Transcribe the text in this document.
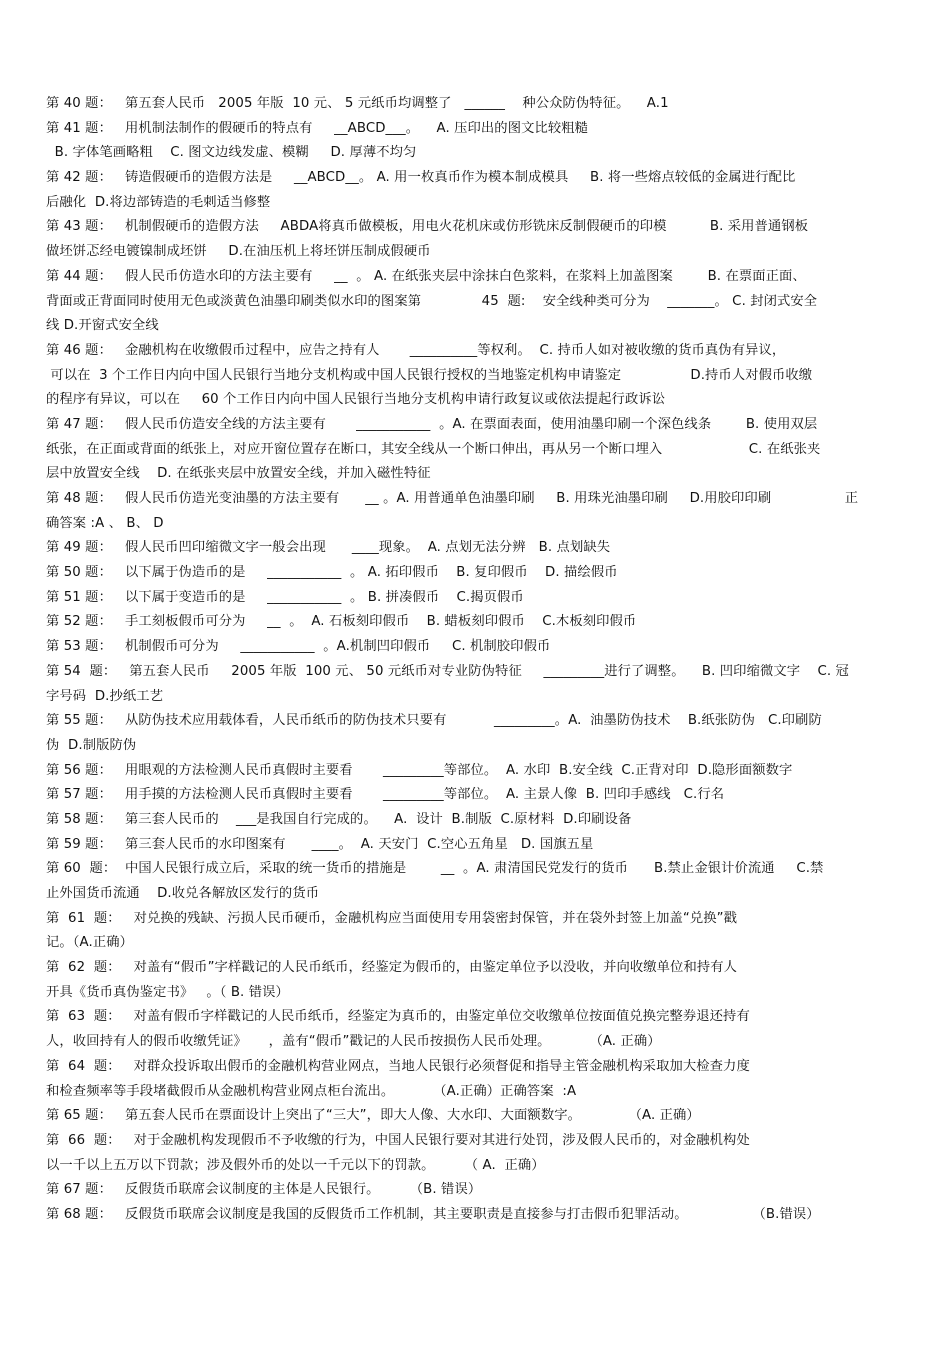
第 40 题：   第五套人民币   2005 年版  10 元、 5 元纸币均调整了   ______    种公众防伪特征。    A.1
第 41 题：   用机制法制作的假硬币的特点有     __ABCD___。    A. 压印出的图文比较粗糙
B. 字体笔画略粗    C. 图文边线发虚、模糊     D. 厚薄不均匀
第 42 题：   铸造假硬币的造假方法是     __ABCD__。 A. 用一枚真币作为模本制成模具     B. 将一些熔点较低的金属进行配比
后融化  D.将边部铸造的毛刺适当修整
第 43 题：   机制假硬币的造假方法     ABDA将真币做模板，用电火花机床或仿形铣床反制假硬币的印模          B. 采用普通钢板
做坯饼忑经电镀镍制成坯饼     D.在油压机上将坯饼压制成假硬币
第 44 题：   假人民币仿造水印的方法主要有     __  。 A. 在纸张夹层中涂抹白色浆料，在浆料上加盖图案        B. 在票面正面、
背面或正背面同时使用无色或淡黄色油墨印刷类似水印的图案第              45  题:    安全线种类可分为    _______。 C. 封闭式安全
线 D.开窗式安全线
第 46 题：   金融机构在收缴假币过程中，应告之持有人       __________等权利。  C. 持币人如对被收缴的货币真伪有异议，
可以在  3 个工作日内向中国人民银行当地分支机构或中国人民银行授权的当地鉴定机构申请鉴定                D.持币人对假币收缴
的程序有异议，可以在     60 个工作日内向中国人民银行当地分支机构申请行政复议或依法提起行政诉讼
第 47 题：   假人民币仿造安全线的方法主要有       ___________  。A. 在票面表面，使用油墨印刷一个深色线条        B. 使用双层
纸张，在正面或背面的纸张上，对应开窗位置存在断口，其安全线从一个断口伸出，再从另一个断口埋入                    C. 在纸张夹
层中放置安全线    D. 在纸张夹层中放置安全线，并加入磁性特征
第 48 题：   假人民币仿造光变油墨的方法主要有      __ 。A. 用普通单色油墨印刷     B. 用珠光油墨印刷     D.用胶印印刷                 正
确答案 :A 、 B、 D
第 49 题：   假人民币凹印缩微文字一般会出现      ____现象。  A. 点划无法分辨   B. 点划缺失
第 50 题：   以下属于伪造币的是     ___________  。 A. 拓印假币    B. 复印假币    D. 描绘假币
第 51 题：   以下属于变造币的是     ___________  。 B. 拼凑假币    C.揭页假币
第 52 题：   手工刻板假币可分为     __  。  A. 石板刻印假币    B. 蜡板刻印假币    C.木板刻印假币
第 53 题：   机制假币可分为     ___________  。A.机制凹印假币     C. 机制胶印假币
第 54  题：   第五套人民币     2005 年版  100 元、 50 元纸币对专业防伪特征     _________进行了调整。    B. 凹印缩微文字    C. 冠
字号码  D.抄纸工艺
第 55 题：   从防伪技术应用载体看，人民币纸币的防伪技术只要有           _________。A.  油墨防伪技术    B.纸张防伪   C.印刷防
伪  D.制版防伪
第 56 题：   用眼观的方法检测人民币真假时主要看       _________等部位。  A. 水印  B.安全线  C.正背对印  D.隐形面额数字
第 57 题：   用手摸的方法检测人民币真假时主要看       _________等部位。  A. 主景人像  B. 凹印手感线   C.行名
第 58 题：   第三套人民币的    ___是我国自行完成的。    A.  设计  B.制版  C.原材料  D.印刷设备
第 59 题：   第三套人民币的水印图案有      ____。  A. 天安门  C.空心五角星   D. 国旗五星
第 60  题：  中国人民银行成立后，采取的统一货币的措施是        __  。A. 肃清国民党发行的货币      B.禁止金银计价流通     C.禁
止外国货币流通    D.收兑各解放区发行的货币
第  61  题：   对兑换的残缺、污损人民币硬币，金融机构应当面使用专用袋密封保管，并在袋外封签上加盖“兑换”戳
记。（A.正确）
第  62  题：   对盖有“假币”字样戳记的人民币纸币，经鉴定为假币的，由鉴定单位予以没收，并向收缴单位和持有人
开具《货币真伪鉴定书》   。（ B. 错误）
第  63  题：   对盖有假币字样戳记的人民币纸币，经鉴定为真币的，由鉴定单位交收缴单位按面值兑换完整券退还持有
人，收回持有人的假币收缴凭证》     ，盖有“假币”戳记的人民币按损伤人民币处理。         （A. 正确）
第  64  题：   对群众投诉取出假币的金融机构营业网点，当地人民银行必须督促和指导主管金融机构采取加大检查力度
和检查频率等手段堵截假币从金融机构营业网点柜台流出。         （A.正确）正确答案  :A
第 65 题：   第五套人民币在票面设计上突出了“三大”，即大人像、大水印、大面额数字。           （A. 正确）
第  66  题：   对于金融机构发现假币不予收缴的行为，中国人民银行要对其进行处罚，涉及假人民币的，对金融机构处
以一千以上五万以下罚款；涉及假外币的处以一千元以下的罚款。       （ A.  正确）
第 67 题：   反假货币联席会议制度的主体是人民银行。       （B. 错误）
第 68 题：   反假货币联席会议制度是我国的反假货币工作机制，其主要职责是直接参与打击假币犯罪活动。               （B.错误）
